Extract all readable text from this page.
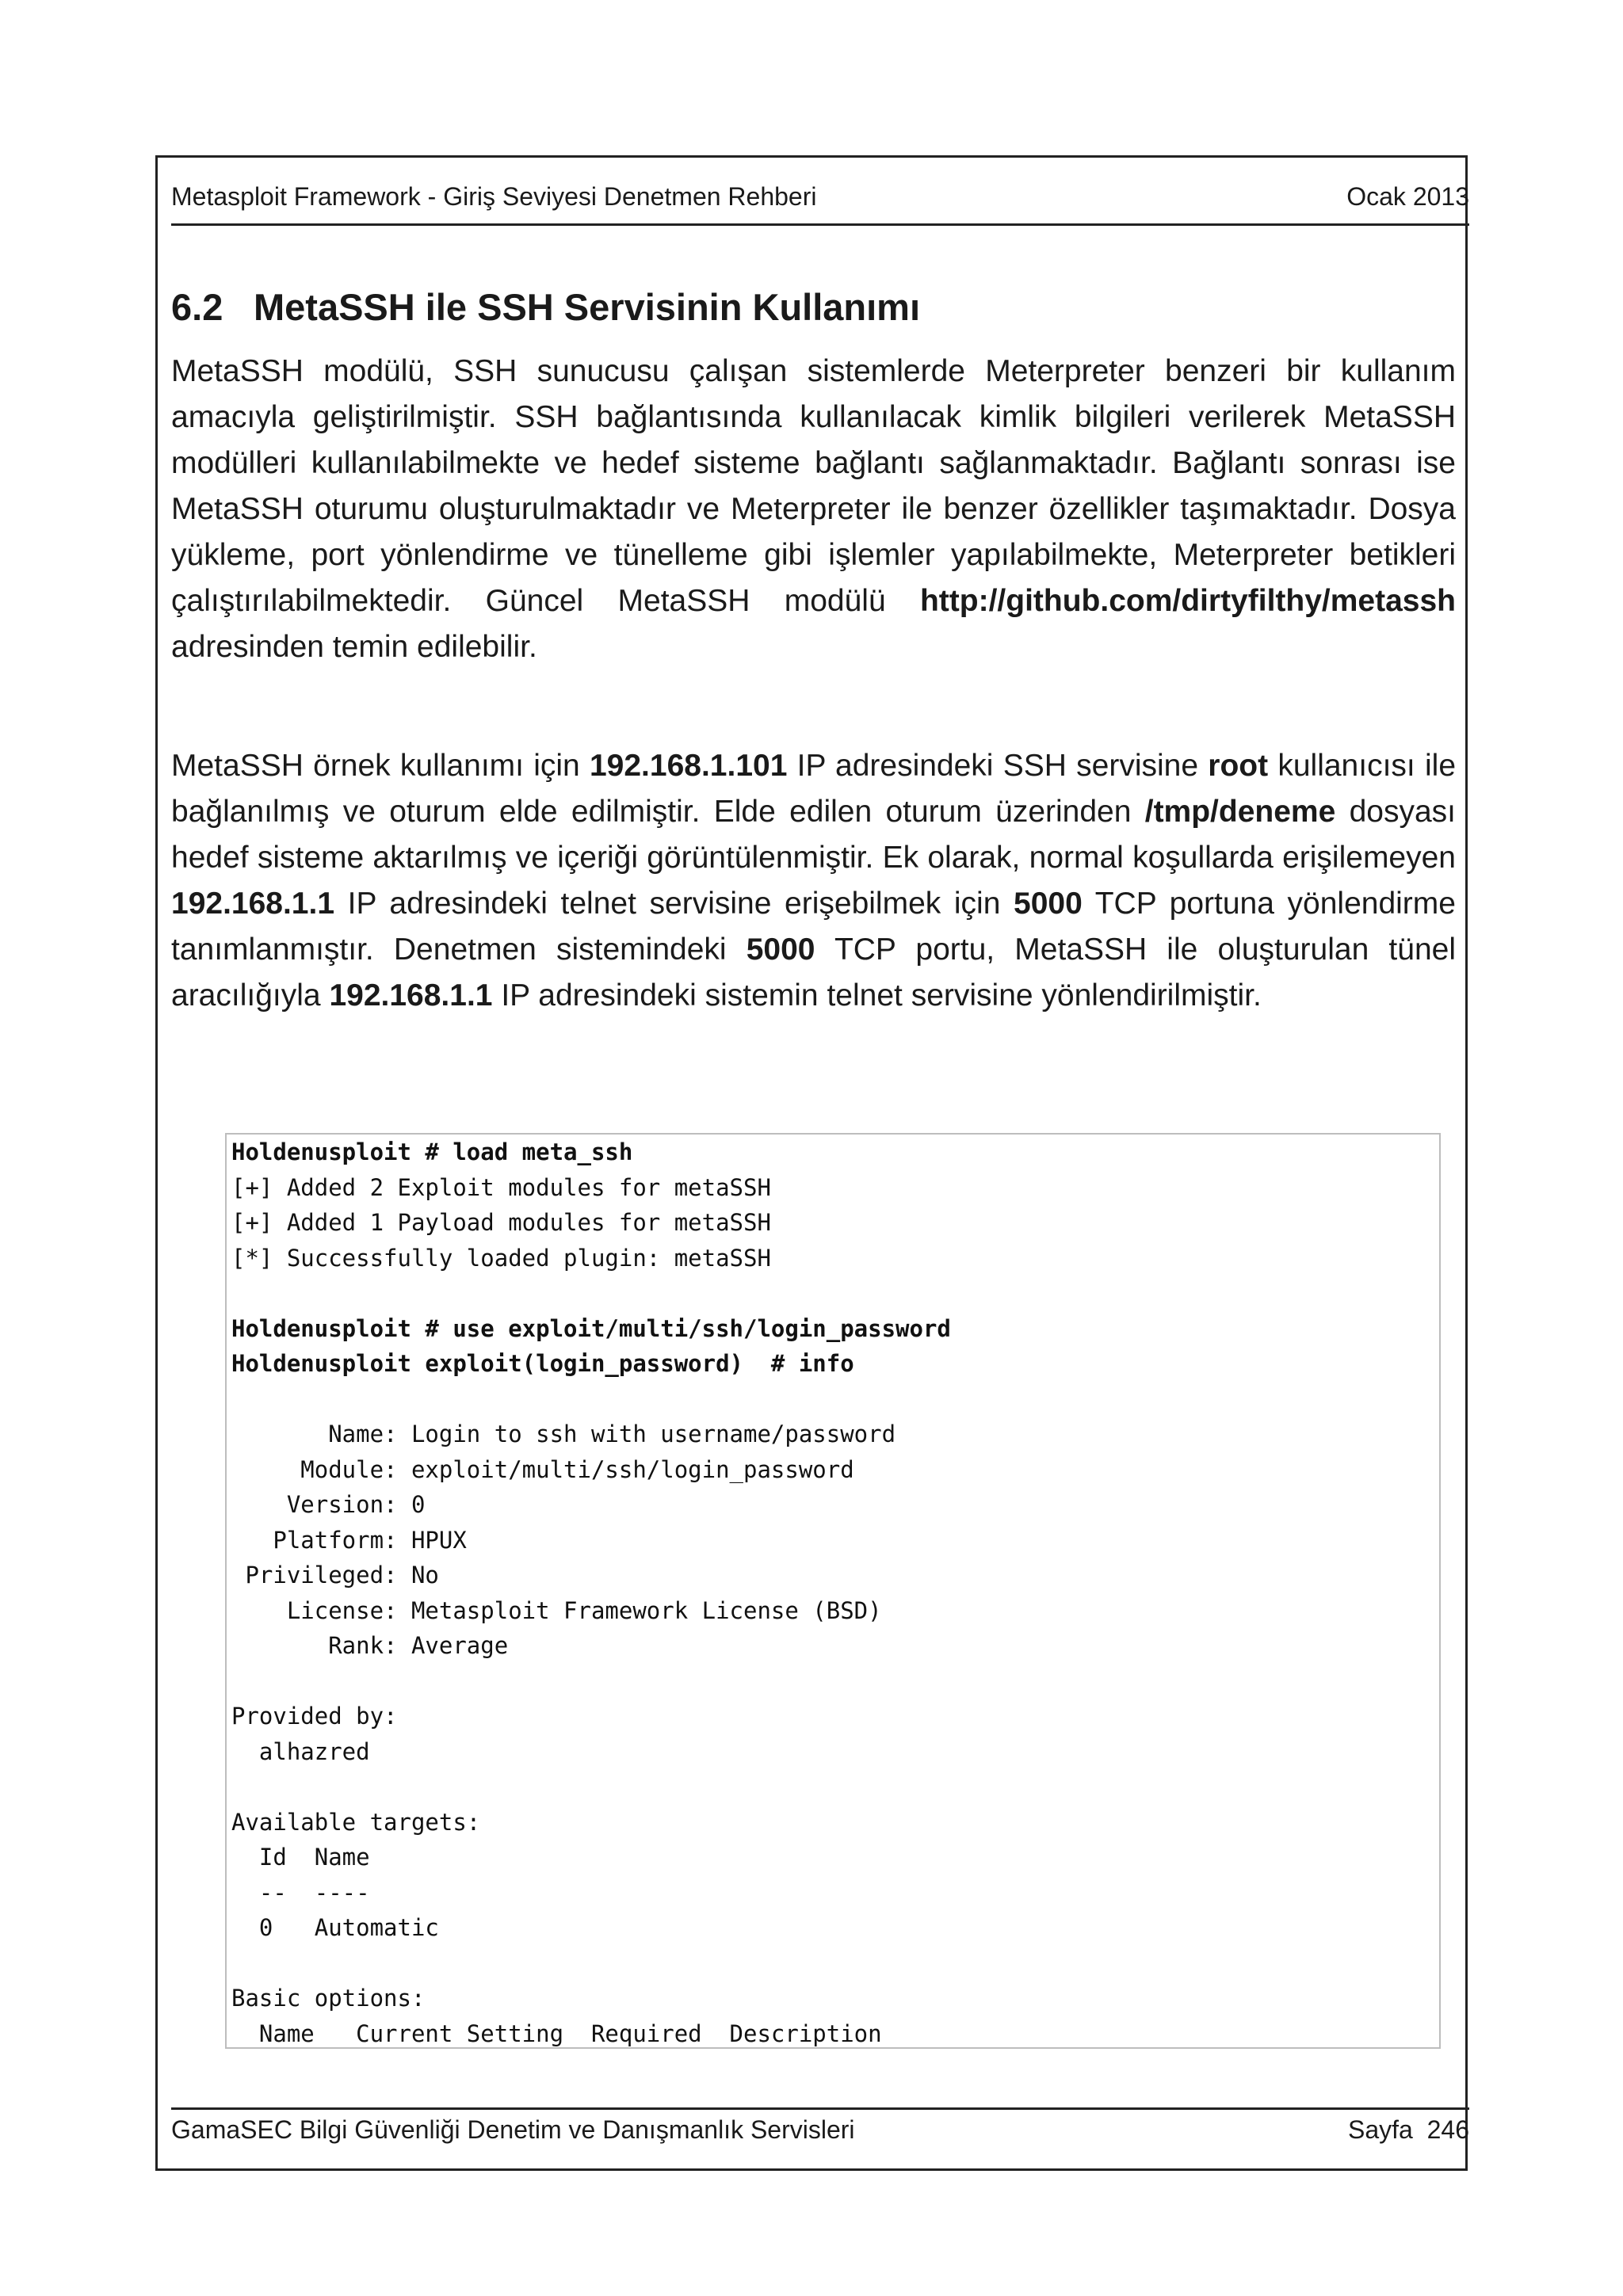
Metasploit Framework - Giriş Seviyesi Denetmen Rehberi	Ocak 2013
6.2 MetaSSH ile SSH Servisinin Kullanımı

MetaSSH modülü, SSH sunucusu çalışan sistemlerde Meterpreter benzeri bir kullanım amacıyla geliştirilmiştir. SSH bağlantısında kullanılacak kimlik bilgileri verilerek MetaSSH modülleri kullanılabilmekte ve hedef sisteme bağlantı sağlanmaktadır. Bağlantı sonrası ise MetaSSH oturumu oluşturulmaktadır ve Meterpreter ile benzer özellikler taşımaktadır. Dosya yükleme, port yönlendirme ve tünelleme gibi işlemler yapılabilmekte, Meterpreter betikleri çalıştırılabilmektedir. Güncel MetaSSH modülü http://github.com/dirtyfilthy/metassh adresinden temin edilebilir.

MetaSSH örnek kullanımı için 192.168.1.101 IP adresindeki SSH servisine root kullanıcısı ile bağlanılmış ve oturum elde edilmiştir. Elde edilen oturum üzerinden /tmp/deneme dosyası hedef sisteme aktarılmış ve içeriği görüntülenmiştir. Ek olarak, normal koşullarda erişilemeyen 192.168.1.1 IP adresindeki telnet servisine erişebilmek için 5000 TCP portuna yönlendirme tanımlanmıştır. Denetmen sistemindeki 5000 TCP portu, MetaSSH ile oluşturulan tünel aracılığıyla 192.168.1.1 IP adresindeki sistemin telnet servisine yönlendirilmiştir.

Holdenusploit # load meta_ssh
[+] Added 2 Exploit modules for metaSSH
[+] Added 1 Payload modules for metaSSH
[*] Successfully loaded plugin: metaSSH
Holdenusploit # use exploit/multi/ssh/login_password
Holdenusploit exploit(login_password)  # info
Name: Login to ssh with username/password
Module: exploit/multi/ssh/login_password
Version: 0
Platform: HPUX
Privileged: No
License: Metasploit Framework License (BSD)
Rank: Average
Provided by:
alhazred
Available targets:
Id  Name
--  ----
0   Automatic
Basic options:
Name   Current Setting  Required  Description
GamaSEC Bilgi Güvenliği Denetim ve Danışmanlık Servisleri	Sayfa 246
